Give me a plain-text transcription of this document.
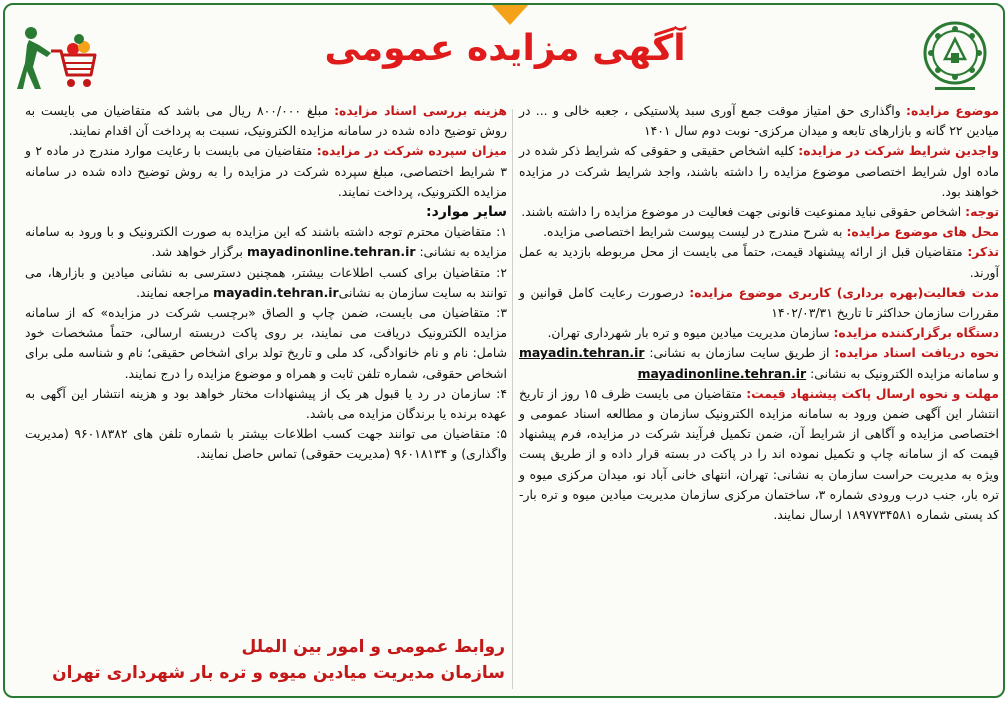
آگهی مزایده عمومی

موضوع مزایده: واگذاری حق امتیاز موقت جمع آوری سبد پلاستیکی ، جعبه خالی و ... در میادین ۲۲ گانه و بازارهای تابعه و میدان مرکزی- نوبت دوم سال ۱۴۰۱

واجدین شرایط شرکت در مزایده: کلیه اشخاص حقیقی و حقوقی که شرایط ذکر شده در ماده اول شرایط اختصاصی موضوع مزایده را داشته باشند، واجد شرایط شرکت در مزایده خواهند بود.

توجه: اشخاص حقوقی نباید ممنوعیت قانونی جهت فعالیت در موضوع مزایده را داشته باشند.

محل های موضوع مزایده: به شرح مندرج در لیست پیوست شرایط اختصاصی مزایده.

تذکر: متقاضیان قبل از ارائه پیشنهاد قیمت، حتماً می بایست از محل مربوطه بازدید به عمل آورند.

مدت فعالیت(بهره برداری) کاربری موضوع مزایده: درصورت رعایت کامل قوانین و مقررات سازمان حداکثر تا تاریخ ۱۴۰۲/۰۳/۳۱

دستگاه برگزارکننده مزایده: سازمان مدیریت میادین میوه و تره بار شهرداری تهران.

نحوه دریافت اسناد مزایده: از طریق سایت سازمان به نشانی: mayadin.tehran.ir و سامانه مزایده الکترونیک به نشانی: mayadinonline.tehran.ir

مهلت و نحوه ارسال پاکت پیشنهاد قیمت: متقاضیان می بایست ظرف ۱۵ روز از تاریخ انتشار این آگهی ضمن ورود به سامانه مزایده الکترونیک سازمان و مطالعه اسناد عمومی و اختصاصی مزایده و آگاهی از شرایط آن، ضمن تکمیل فرآیند شرکت در مزایده، فرم پیشنهاد قیمت که از سامانه چاپ و تکمیل نموده اند را در پاکت در بسته قرار داده و از طریق پست ویژه به مدیریت حراست سازمان به نشانی: تهران، انتهای خانی آباد نو، میدان مرکزی میوه و تره بار، جنب درب ورودی شماره ۳، ساختمان مرکزی سازمان مدیریت میادین میوه و تره بار- کد پستی شماره ۱۸۹۷۷۳۴۵۸۱ ارسال نمایند.

هزینه بررسی اسناد مزایده: مبلغ ۸۰۰/۰۰۰ ریال می باشد که متقاضیان می بایست به روش توضیح داده شده در سامانه مزایده الکترونیک، نسبت به پرداخت آن اقدام نمایند.

میزان سپرده شرکت در مزایده: متقاضیان می بایست با رعایت موارد مندرج در ماده ۲ و ۳ شرایط اختصاصی، مبلغ سپرده شرکت در مزایده را به روش توضیح داده شده در سامانه مزایده الکترونیک، پرداخت نمایند.

سایر موارد:

۱: متقاضیان محترم توجه داشته باشند که این مزایده به صورت الکترونیک و با ورود به سامانه مزایده به نشانی: mayadinonline.tehran.ir برگزار خواهد شد.

۲: متقاضیان برای کسب اطلاعات بیشتر، همچنین دسترسی به نشانی میادین و بازارها، می توانند به سایت سازمان به نشانیmayadin.tehran.ir مراجعه نمایند.

۳: متقاضیان می بایست، ضمن چاپ و الصاق «برچسب شرکت در مزایده» که از سامانه مزایده الکترونیک دریافت می نمایند، بر روی پاکت دربسته ارسالی، حتماً مشخصات خود شامل: نام و نام خانوادگی، کد ملی و تاریخ تولد برای اشخاص حقیقی؛ نام و شناسه ملی برای اشخاص حقوقی، شماره تلفن ثابت و همراه و موضوع مزایده را درج نمایند.

۴: سازمان در رد یا قبول هر یک از پیشنهادات مختار خواهد بود و هزینه انتشار این آگهی به عهده برنده یا برندگان مزایده می باشد.

۵: متقاضیان می توانند جهت کسب اطلاعات بیشتر با شماره تلفن های ۹۶۰۱۸۳۸۲ (مدیریت واگذاری) و ۹۶۰۱۸۱۳۴ (مدیریت حقوقی) تماس حاصل نمایند.

روابط عمومی و امور بین الملل
سازمان مدیریت میادین میوه و تره بار شهرداری تهران
